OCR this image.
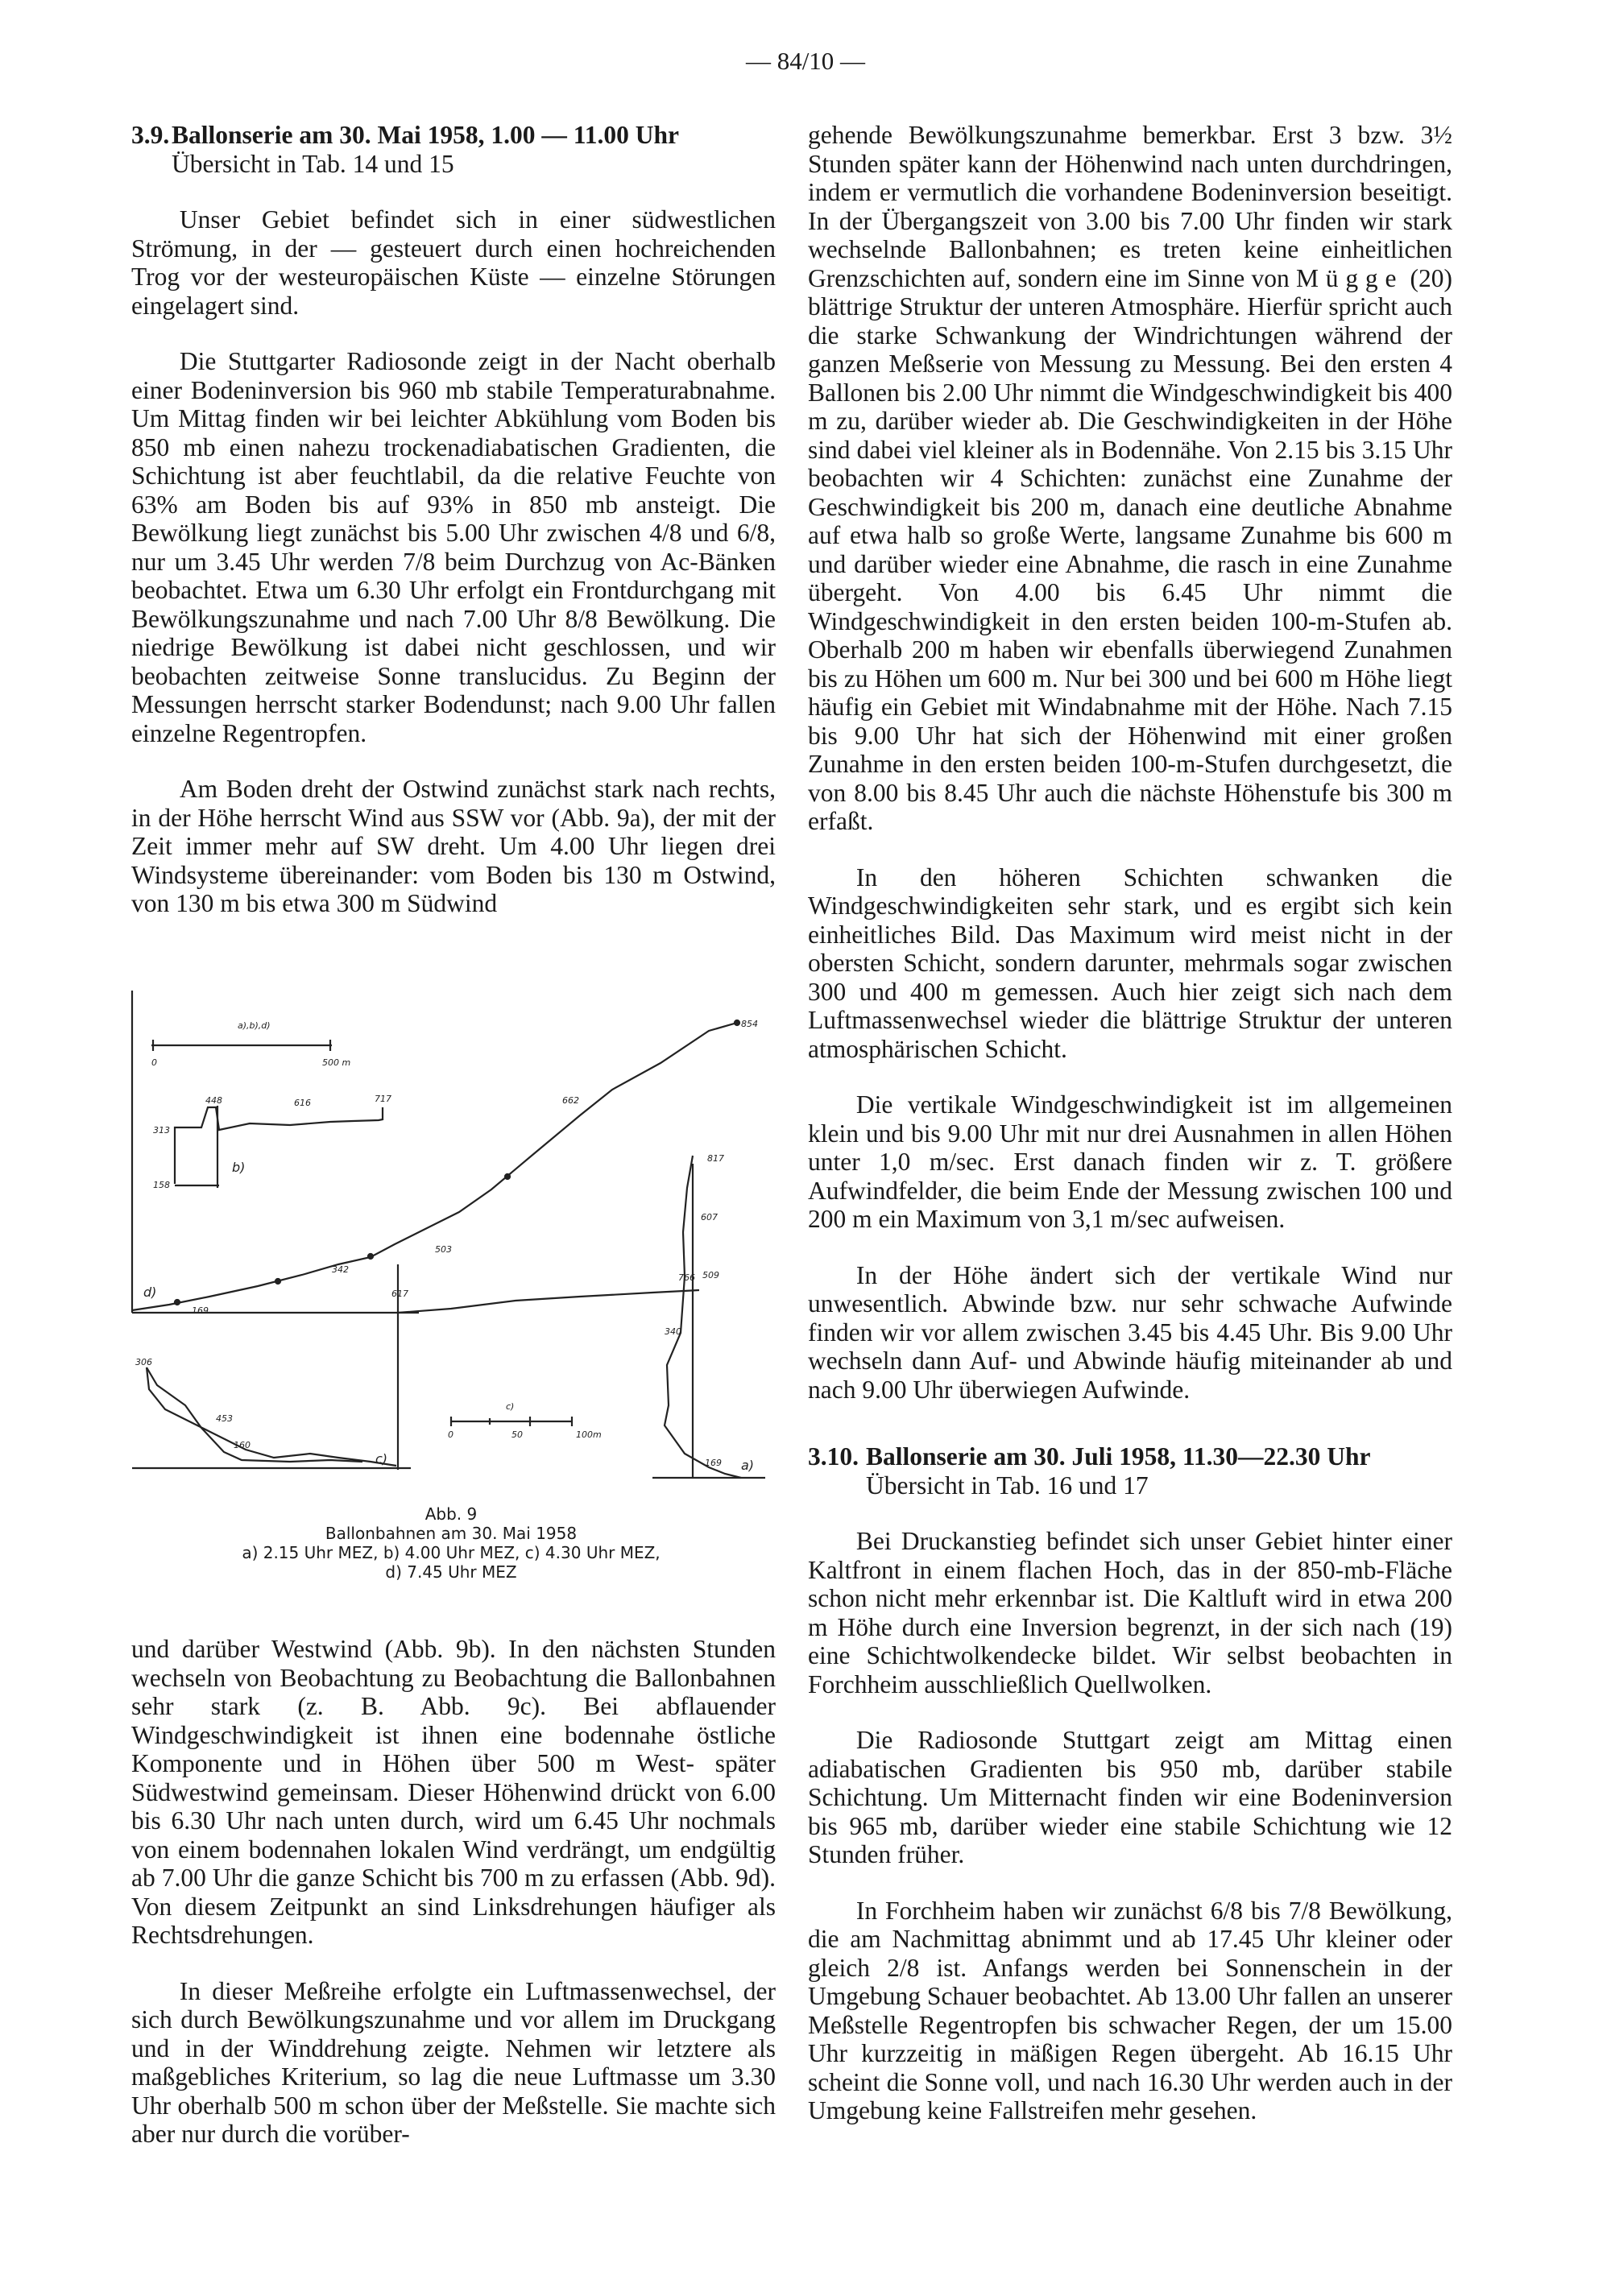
— 84/10 —
3.9. Ballonserie am 30. Mai 1958, 1.00 — 11.00 Uhr
Übersicht in Tab. 14 und 15

Unser Gebiet befindet sich in einer südwestlichen Strömung, in der — gesteuert durch einen hochreichenden Trog vor der westeuropäischen Küste — einzelne Störungen eingelagert sind.

Die Stuttgarter Radiosonde zeigt in der Nacht oberhalb einer Bodeninversion bis 960 mb stabile Temperaturabnahme. Um Mittag finden wir bei leichter Abkühlung vom Boden bis 850 mb einen nahezu trockenadiabatischen Gradienten, die Schichtung ist aber feuchtlabil, da die relative Feuchte von 63% am Boden bis auf 93% in 850 mb ansteigt. Die Bewölkung liegt zunächst bis 5.00 Uhr zwischen 4/8 und 6/8, nur um 3.45 Uhr werden 7/8 beim Durchzug von Ac-Bänken beobachtet. Etwa um 6.30 Uhr erfolgt ein Frontdurchgang mit Bewölkungszunahme und nach 7.00 Uhr 8/8 Bewölkung. Die niedrige Bewölkung ist dabei nicht geschlossen, und wir beobachten zeitweise Sonne translucidus. Zu Beginn der Messungen herrscht starker Bodendunst; nach 9.00 Uhr fallen einzelne Regentropfen.

Am Boden dreht der Ostwind zunächst stark nach rechts, in der Höhe herrscht Wind aus SSW vor (Abb. 9a), der mit der Zeit immer mehr auf SW dreht. Um 4.00 Uhr liegen drei Windsysteme übereinander: vom Boden bis 130 m Ostwind, von 130 m bis etwa 300 m Südwind

a),b),d)
0	500 m
854
662
503
342
169
d)
b)
158
313
448	616	717
306
453
160
617
766
c)
c)
0	50	100m
817
607
509
340
169 a)
Abb. 9
Ballonbahnen am 30. Mai 1958
a) 2.15 Uhr MEZ, b) 4.00 Uhr MEZ, c) 4.30 Uhr MEZ,
d) 7.45 Uhr MEZ

und darüber Westwind (Abb. 9b). In den nächsten Stunden wechseln von Beobachtung zu Beobachtung die Ballonbahnen sehr stark (z. B. Abb. 9c). Bei abflauender Windgeschwindigkeit ist ihnen eine bodennahe östliche Komponente und in Höhen über 500 m West- später Südwestwind gemeinsam. Dieser Höhenwind drückt von 6.00 bis 6.30 Uhr nach unten durch, wird um 6.45 Uhr nochmals von einem bodennahen lokalen Wind verdrängt, um endgültig ab 7.00 Uhr die ganze Schicht bis 700 m zu erfassen (Abb. 9d). Von diesem Zeitpunkt an sind Linksdrehungen häufiger als Rechtsdrehungen.

In dieser Meßreihe erfolgte ein Luftmassenwechsel, der sich durch Bewölkungszunahme und vor allem im Druckgang und in der Winddrehung zeigte. Nehmen wir letztere als maßgebliches Kriterium, so lag die neue Luftmasse um 3.30 Uhr oberhalb 500 m schon über der Meßstelle. Sie machte sich aber nur durch die vorüber-

gehende Bewölkungszunahme bemerkbar. Erst 3 bzw. 3½ Stunden später kann der Höhenwind nach unten durchdringen, indem er vermutlich die vorhandene Bodeninversion beseitigt. In der Übergangszeit von 3.00 bis 7.00 Uhr finden wir stark wechselnde Ballonbahnen; es treten keine einheitlichen Grenzschichten auf, sondern eine im Sinne von Mügge (20) blättrige Struktur der unteren Atmosphäre. Hierfür spricht auch die starke Schwankung der Windrichtungen während der ganzen Meßserie von Messung zu Messung. Bei den ersten 4 Ballonen bis 2.00 Uhr nimmt die Windgeschwindigkeit bis 400 m zu, darüber wieder ab. Die Geschwindigkeiten in der Höhe sind dabei viel kleiner als in Bodennähe. Von 2.15 bis 3.15 Uhr beobachten wir 4 Schichten: zunächst eine Zunahme der Geschwindigkeit bis 200 m, danach eine deutliche Abnahme auf etwa halb so große Werte, langsame Zunahme bis 600 m und darüber wieder eine Abnahme, die rasch in eine Zunahme übergeht. Von 4.00 bis 6.45 Uhr nimmt die Windgeschwindigkeit in den ersten beiden 100-m-Stufen ab. Oberhalb 200 m haben wir ebenfalls überwiegend Zunahmen bis zu Höhen um 600 m. Nur bei 300 und bei 600 m Höhe liegt häufig ein Gebiet mit Windabnahme mit der Höhe. Nach 7.15 bis 9.00 Uhr hat sich der Höhenwind mit einer großen Zunahme in den ersten beiden 100-m-Stufen durchgesetzt, die von 8.00 bis 8.45 Uhr auch die nächste Höhenstufe bis 300 m erfaßt.

In den höheren Schichten schwanken die Windgeschwindigkeiten sehr stark, und es ergibt sich kein einheitliches Bild. Das Maximum wird meist nicht in der obersten Schicht, sondern darunter, mehrmals sogar zwischen 300 und 400 m gemessen. Auch hier zeigt sich nach dem Luftmassenwechsel wieder die blättrige Struktur der unteren atmosphärischen Schicht.

Die vertikale Windgeschwindigkeit ist im allgemeinen klein und bis 9.00 Uhr mit nur drei Ausnahmen in allen Höhen unter 1,0 m/sec. Erst danach finden wir z. T. größere Aufwindfelder, die beim Ende der Messung zwischen 100 und 200 m ein Maximum von 3,1 m/sec aufweisen.

In der Höhe ändert sich der vertikale Wind nur unwesentlich. Abwinde bzw. nur sehr schwache Aufwinde finden wir vor allem zwischen 3.45 bis 4.45 Uhr. Bis 9.00 Uhr wechseln dann Auf- und Abwinde häufig miteinander ab und nach 9.00 Uhr überwiegen Aufwinde.

3.10. Ballonserie am 30. Juli 1958, 11.30—22.30 Uhr
Übersicht in Tab. 16 und 17

Bei Druckanstieg befindet sich unser Gebiet hinter einer Kaltfront in einem flachen Hoch, das in der 850-mb-Fläche schon nicht mehr erkennbar ist. Die Kaltluft wird in etwa 200 m Höhe durch eine Inversion begrenzt, in der sich nach (19) eine Schichtwolkendecke bildet. Wir selbst beobachten in Forchheim ausschließlich Quellwolken.

Die Radiosonde Stuttgart zeigt am Mittag einen adiabatischen Gradienten bis 950 mb, darüber stabile Schichtung. Um Mitternacht finden wir eine Bodeninversion bis 965 mb, darüber wieder eine stabile Schichtung wie 12 Stunden früher.

In Forchheim haben wir zunächst 6/8 bis 7/8 Bewölkung, die am Nachmittag abnimmt und ab 17.45 Uhr kleiner oder gleich 2/8 ist. Anfangs werden bei Sonnenschein in der Umgebung Schauer beobachtet. Ab 13.00 Uhr fallen an unserer Meßstelle Regentropfen bis schwacher Regen, der um 15.00 Uhr kurzzeitig in mäßigen Regen übergeht. Ab 16.15 Uhr scheint die Sonne voll, und nach 16.30 Uhr werden auch in der Umgebung keine Fallstreifen mehr gesehen.
